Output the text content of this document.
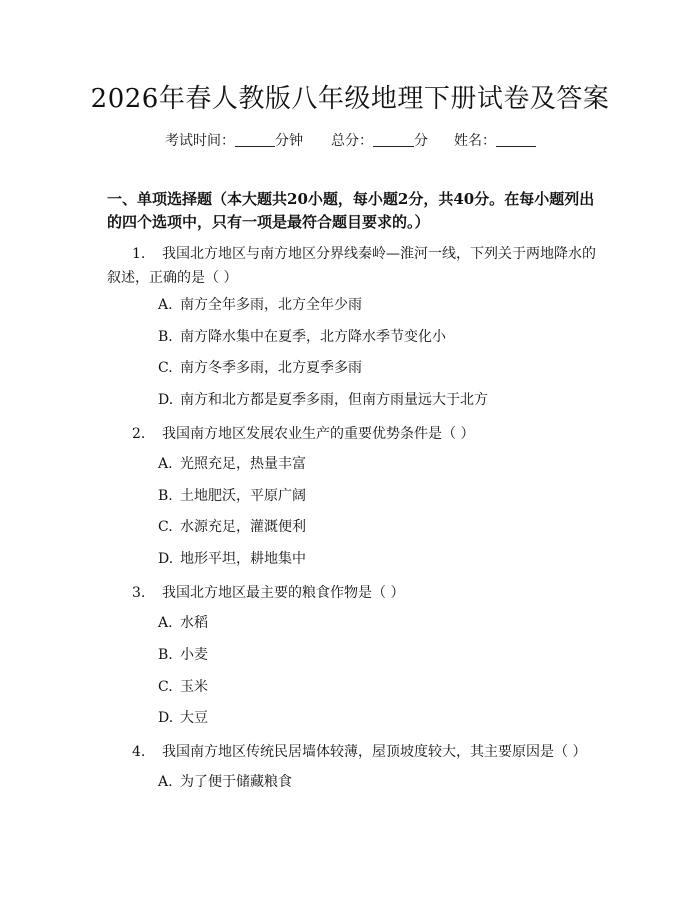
2026年春人教版八年级地理下册试卷及答案
考试时间：	分钟 总分：	分 姓名：
一、单项选择题（本大题共20小题，每小题2分，共40分。在每小题列出的四个选项中，只有一项是最符合题目要求的。）
1. 我国北方地区与南方地区分界线秦岭—淮河一线，下列关于两地降水的叙述，正确的是（ ）
A. 南方全年多雨，北方全年少雨
B. 南方降水集中在夏季，北方降水季节变化小
C. 南方冬季多雨，北方夏季多雨
D. 南方和北方都是夏季多雨，但南方雨量远大于北方
2. 我国南方地区发展农业生产的重要优势条件是（ ）
A. 光照充足，热量丰富
B. 土地肥沃，平原广阔
C. 水源充足，灌溉便利
D. 地形平坦，耕地集中
3. 我国北方地区最主要的粮食作物是（ ）
A. 水稻
B. 小麦
C. 玉米
D. 大豆
4. 我国南方地区传统民居墙体较薄，屋顶坡度较大，其主要原因是（ ）
A. 为了便于储藏粮食
